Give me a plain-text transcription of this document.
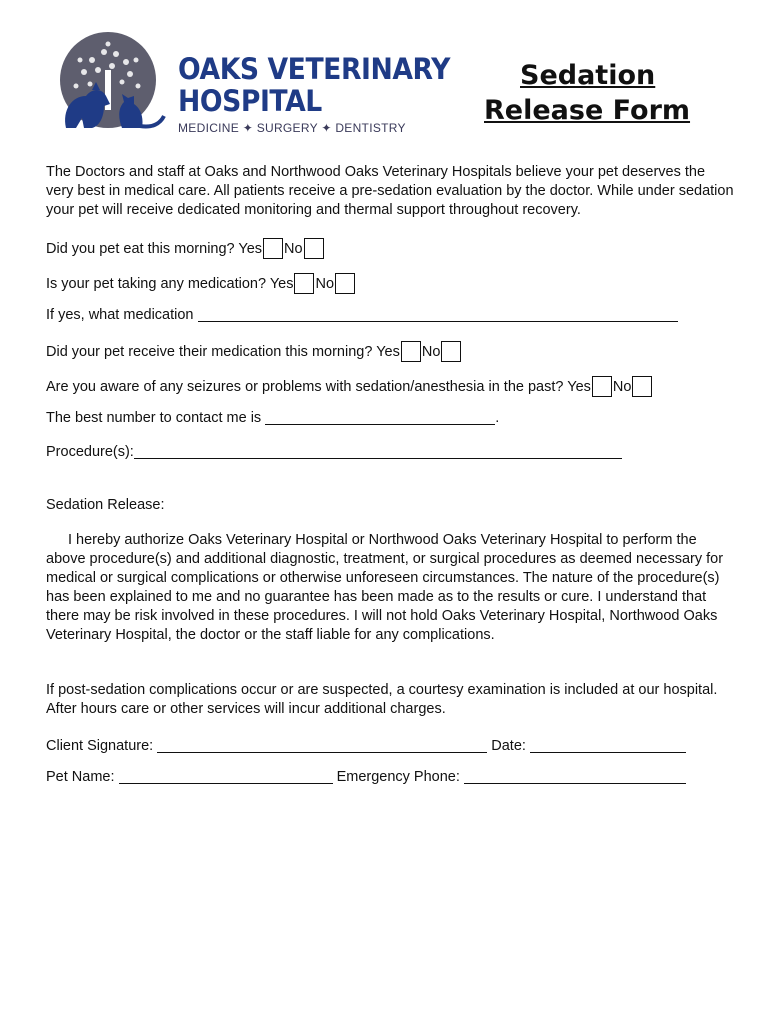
OAKS VETERINARY
HOSPITAL
MEDICINE ✦ SURGERY ✦ DENTISTRY
Sedation
Release Form
The Doctors and staff at Oaks and Northwood Oaks Veterinary Hospitals believe your pet deserves the very best in medical care. All patients receive a pre-sedation evaluation by the doctor. While under sedation your pet will receive dedicated monitoring and thermal support throughout recovery.
Did you pet eat this morning? Yes No
Is your pet taking any medication? Yes No
If yes, what medication
Did your pet receive their medication this morning? Yes No
Are you aware of any seizures or problems with sedation/anesthesia in the past? Yes No
The best number to contact me is	.
Procedure(s):
Sedation Release:
I hereby authorize Oaks Veterinary Hospital or Northwood Oaks Veterinary Hospital to perform the above procedure(s) and additional diagnostic, treatment, or surgical procedures as deemed necessary for medical or surgical complications or otherwise unforeseen circumstances. The nature of the procedure(s) has been explained to me and no guarantee has been made as to the results or cure. I understand that there may be risk involved in these procedures. I will not hold Oaks Veterinary Hospital, Northwood Oaks Veterinary Hospital, the doctor or the staff liable for any complications.
If post-sedation complications occur or are suspected, a courtesy examination is included at our hospital. After hours care or other services will incur additional charges.
Client Signature:	Date:
Pet Name:	Emergency Phone:
